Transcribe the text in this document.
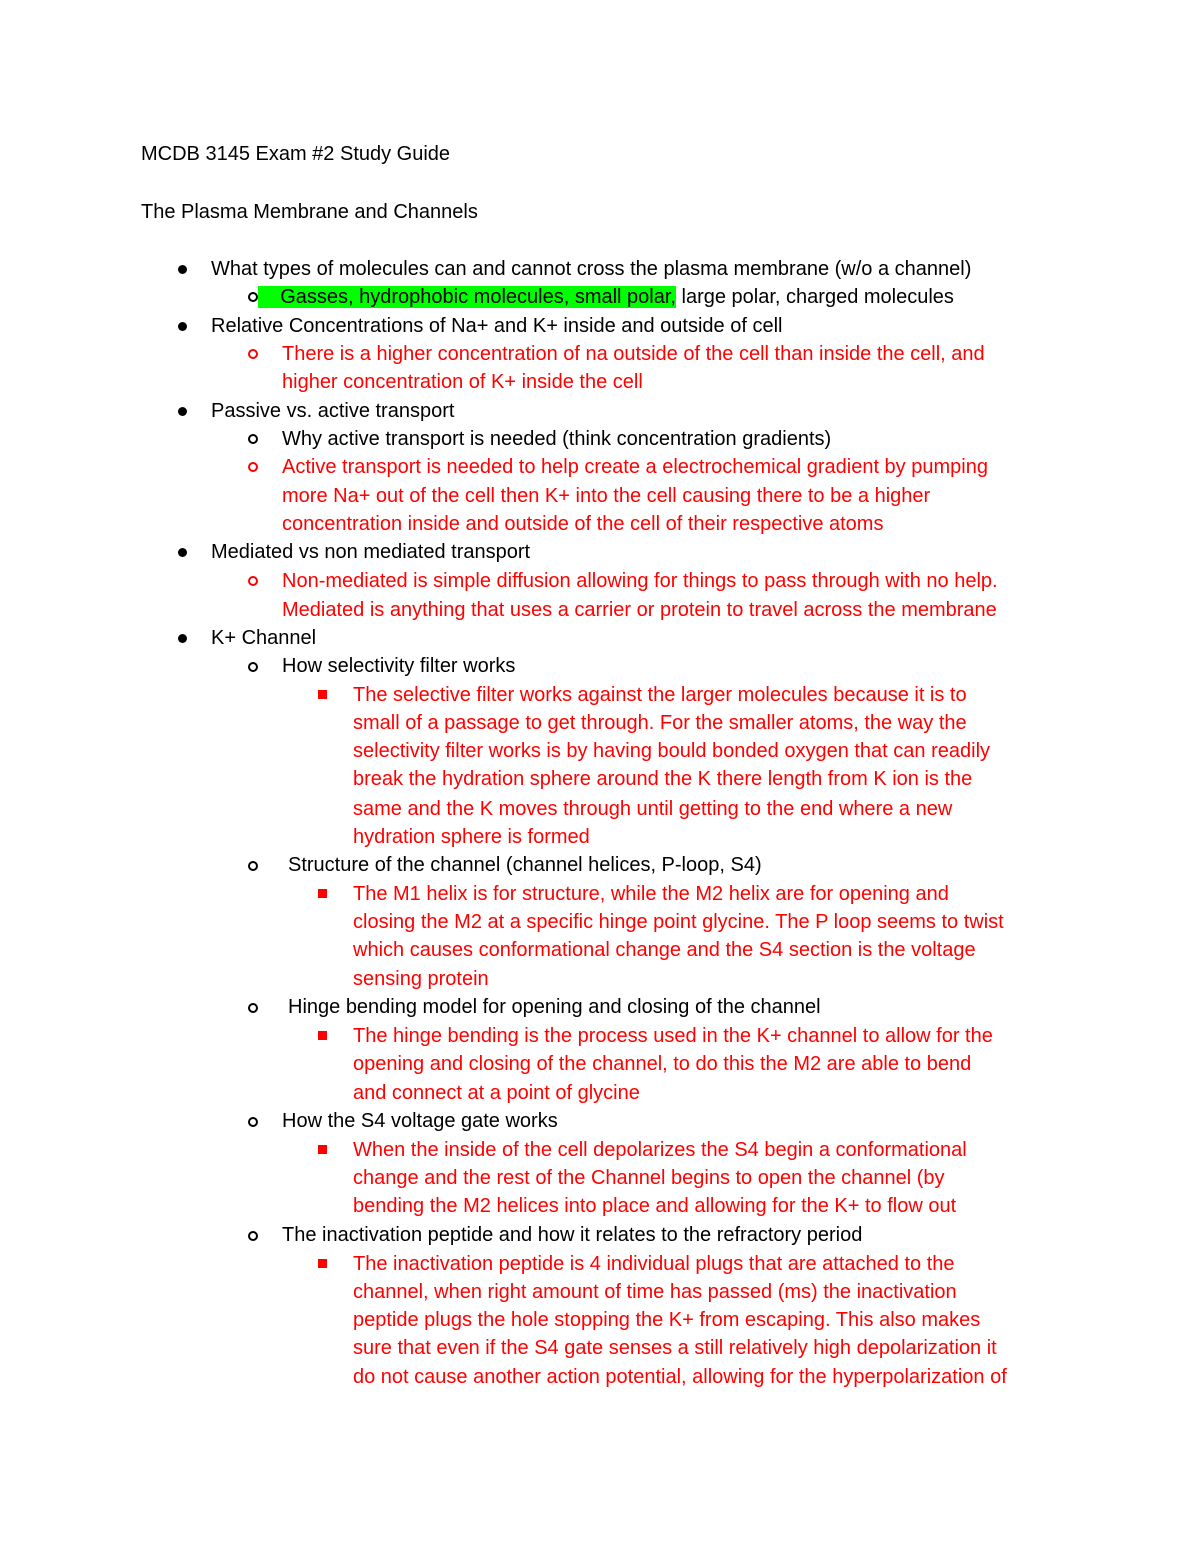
MCDB 3145 Exam #2 Study Guide
The Plasma Membrane and Channels
What types of molecules can and cannot cross the plasma membrane (w/o a channel)
Gasses, hydrophobic molecules, small polar, large polar, charged molecules
Relative Concentrations of Na+ and K+ inside and outside of cell
There is a higher concentration of na outside of the cell than inside the cell, and
higher concentration of K+ inside the cell
Passive vs. active transport
Why active transport is needed (think concentration gradients)
Active transport is needed to help create a electrochemical gradient by pumping
more Na+ out of the cell then K+ into the cell causing there to be a higher
concentration inside and outside of the cell of their respective atoms
Mediated vs non mediated transport
Non-mediated is simple diffusion allowing for things to pass through with no help.
Mediated is anything that uses a carrier or protein to travel across the membrane
K+ Channel
How selectivity filter works
The selective filter works against the larger molecules because it is to
small of a passage to get through. For the smaller atoms, the way the
selectivity filter works is by having bould bonded oxygen that can readily
break the hydration sphere around the K there length from K ion is the
same and the K moves through until getting to the end where a new
hydration sphere is formed
Structure of the channel (channel helices, P-loop, S4)
The M1 helix is for structure, while the M2 helix are for opening and
closing the M2 at a specific hinge point glycine. The P loop seems to twist
which causes conformational change and the S4 section is the voltage
sensing protein
Hinge bending model for opening and closing of the channel
The hinge bending is the process used in the K+ channel to allow for the
opening and closing of the channel, to do this the M2 are able to bend
and connect at a point of glycine
How the S4 voltage gate works
When the inside of the cell depolarizes the S4 begin a conformational
change and the rest of the Channel begins to open the channel (by
bending the M2 helices into place and allowing for the K+ to flow out
The inactivation peptide and how it relates to the refractory period
The inactivation peptide is 4 individual plugs that are attached to the
channel, when right amount of time has passed (ms) the inactivation
peptide plugs the hole stopping the K+ from escaping. This also makes
sure that even if the S4 gate senses a still relatively high depolarization it
do not cause another action potential, allowing for the hyperpolarization of
